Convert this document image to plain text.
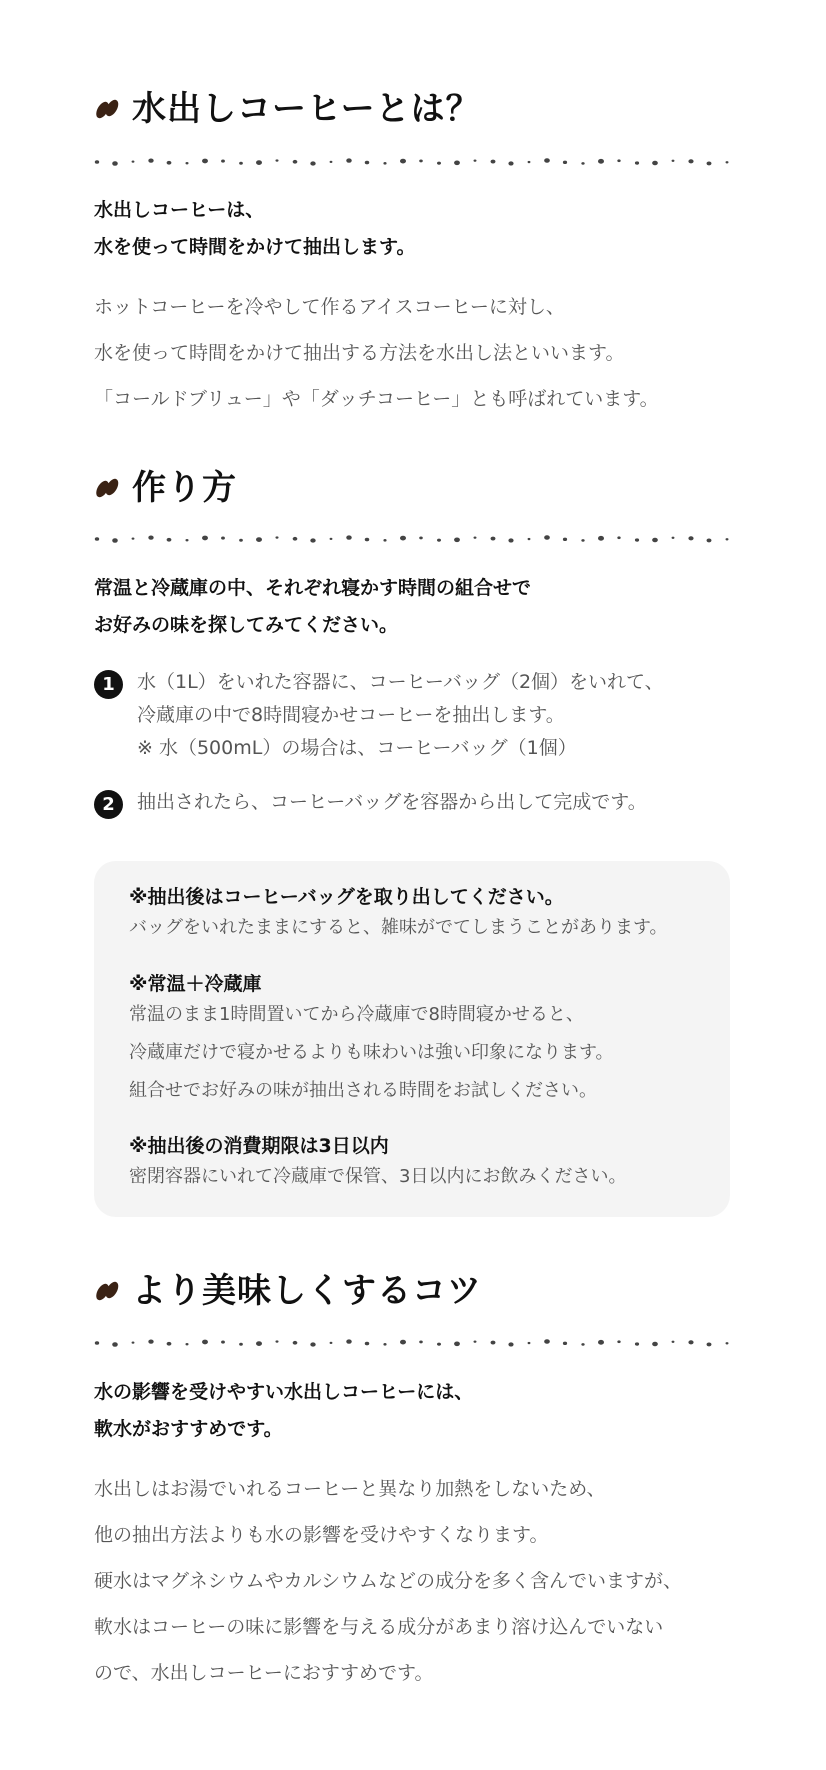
水出しコーヒーとは？

水出しコーヒーは、
水を使って時間をかけて抽出します。

ホットコーヒーを冷やして作るアイスコーヒーに対し、
水を使って時間をかけて抽出する方法を水出し法といいます。
「コールドブリュー」や「ダッチコーヒー」とも呼ばれています。

作り方

常温と冷蔵庫の中、それぞれ寝かす時間の組合せで
お好みの味を探してみてください。

1	水（1L）をいれた容器に、コーヒーバッグ（2個）をいれて、
冷蔵庫の中で8時間寝かせコーヒーを抽出します。
※ 水（500mL）の場合は、コーヒーバッグ（1個）
2	抽出されたら、コーヒーバッグを容器から出して完成です。
※抽出後はコーヒーバッグを取り出してください。
バッグをいれたままにすると、雑味がでてしまうことがあります。
※常温＋冷蔵庫
常温のまま1時間置いてから冷蔵庫で8時間寝かせると、
冷蔵庫だけで寝かせるよりも味わいは強い印象になります。
組合せでお好みの味が抽出される時間をお試しください。
※抽出後の消費期限は3日以内
密閉容器にいれて冷蔵庫で保管、3日以内にお飲みください。
より美味しくするコツ

水の影響を受けやすい水出しコーヒーには、
軟水がおすすめです。

水出しはお湯でいれるコーヒーと異なり加熱をしないため、
他の抽出方法よりも水の影響を受けやすくなります。
硬水はマグネシウムやカルシウムなどの成分を多く含んでいますが、
軟水はコーヒーの味に影響を与える成分があまり溶け込んでいない
ので、水出しコーヒーにおすすめです。
